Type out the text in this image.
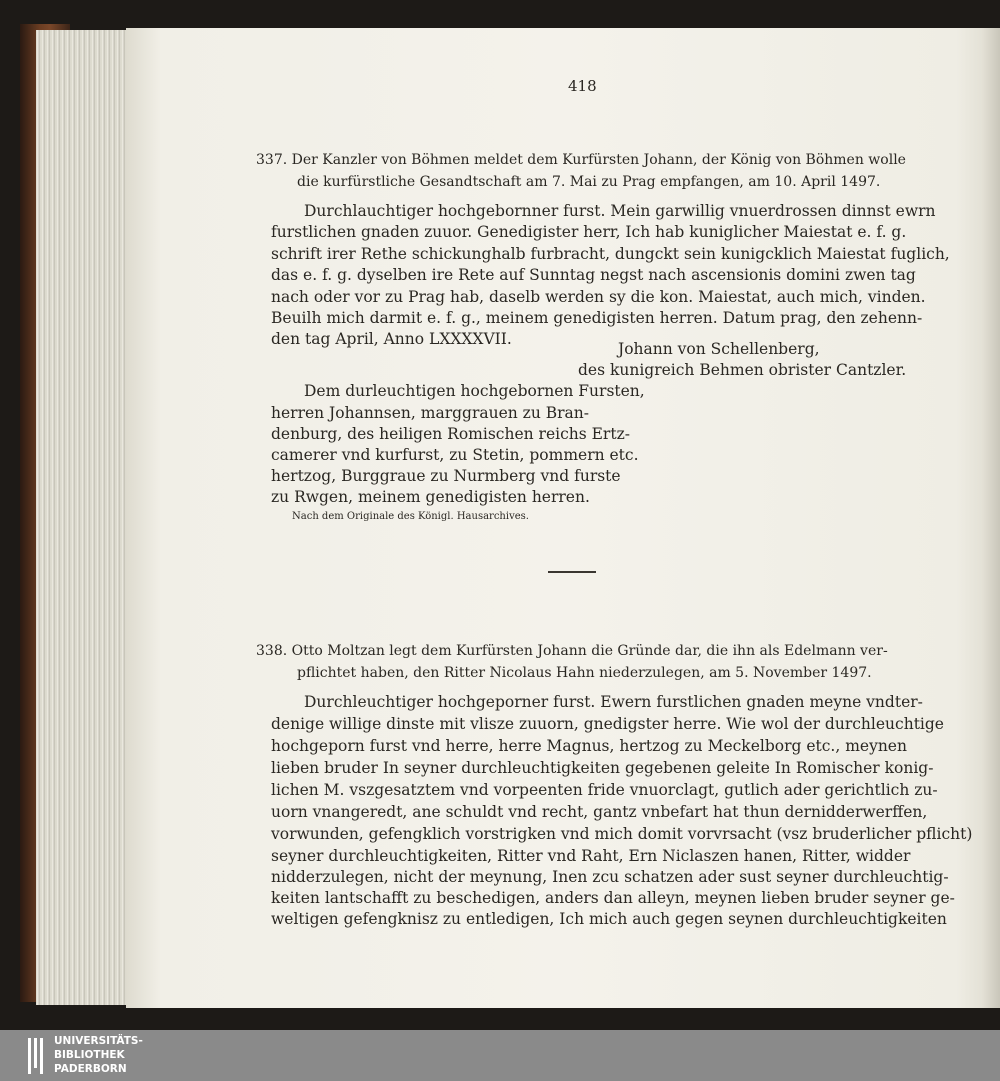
418
337. Der Kanzler von Böhmen meldet dem Kurfürsten Johann, der König von Böhmen wolle
die kurfürstliche Gesandtschaft am 7. Mai zu Prag empfangen, am 10. April 1497.
Durchlauchtiger hochgebornner furst. Mein garwillig vnuerdrossen dinnst ewrn
furstlichen gnaden zuuor. Genedigister herr, Ich hab kuniglicher Maiestat e. f. g.
schrift irer Rethe schickunghalb furbracht, dungckt sein kunigcklich Maiestat fuglich,
das e. f. g. dyselben ire Rete auf Sunntag negst nach ascensionis domini zwen tag
nach oder vor zu Prag hab, daselb werden sy die kon. Maiestat, auch mich, vinden.
Beuilh mich darmit e. f. g., meinem genedigisten herren. Datum prag, den zehenn-
den tag April, Anno LXXXXVII.
Johann von Schellenberg,
des kunigreich Behmen obrister Cantzler.
Dem durleuchtigen hochgebornen Fursten,
herren Johannsen, marggrauen zu Bran-
denburg, des heiligen Romischen reichs Ertz-
camerer vnd kurfurst, zu Stetin, pommern etc.
hertzog, Burggraue zu Nurmberg vnd furste
zu Rwgen, meinem genedigisten herren.
Nach dem Originale des Königl. Hausarchives.
338. Otto Moltzan legt dem Kurfürsten Johann die Gründe dar, die ihn als Edelmann ver-
pflichtet haben, den Ritter Nicolaus Hahn niederzulegen, am 5. November 1497.
Durchleuchtiger hochgeporner furst. Ewern furstlichen gnaden meyne vndter-
denige willige dinste mit vlisze zuuorn, gnedigster herre. Wie wol der durchleuchtige
hochgeporn furst vnd herre, herre Magnus, hertzog zu Meckelborg etc., meynen
lieben bruder In seyner durchleuchtigkeiten gegebenen geleite In Romischer konig-
lichen M. vszgesatztem vnd vorpeenten fride vnuorclagt, gutlich ader gerichtlich zu-
uorn vnangeredt, ane schuldt vnd recht, gantz vnbefart hat thun dernidderwerffen,
vorwunden, gefengklich vorstrigken vnd mich domit vorvrsacht (vsz bruderlicher pflicht)
seyner durchleuchtigkeiten, Ritter vnd Raht, Ern Niclaszen hanen, Ritter, widder
nidderzulegen, nicht der meynung, Inen zcu schatzen ader sust seyner durchleuchtig-
keiten lantschafft zu beschedigen, anders dan alleyn, meynen lieben bruder seyner ge-
weltigen gefengknisz zu entledigen, Ich mich auch gegen seynen durchleuchtigkeiten
UNIVERSITÄTS-
BIBLIOTHEK
PADERBORN
